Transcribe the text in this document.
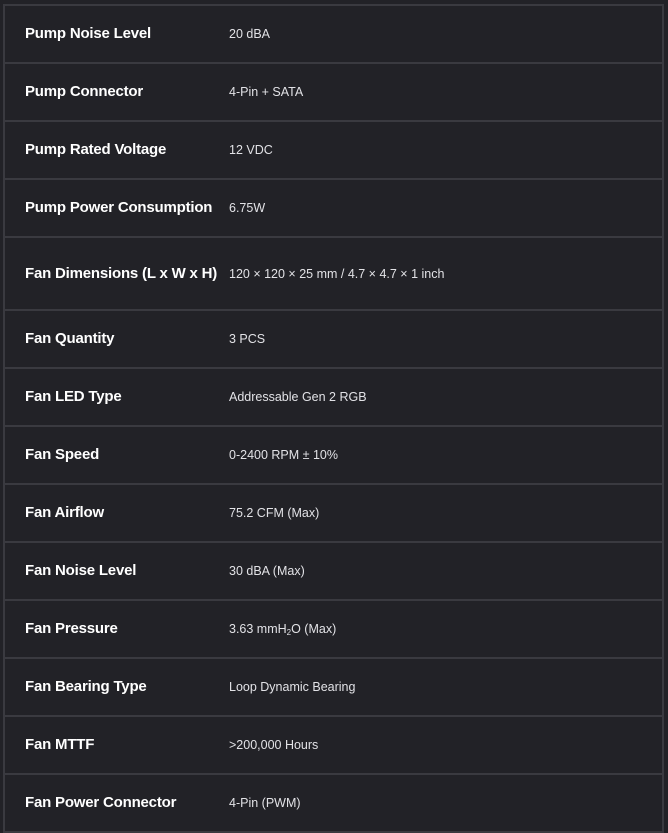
Pump Noise Level	20 dBA
Pump Connector	4-Pin + SATA
Pump Rated Voltage	12 VDC
Pump Power Consumption	6.75W
Fan Dimensions (L x W x H) 120 × 120 × 25 mm / 4.7 × 4.7 × 1 inch
Fan Quantity	3 PCS
Fan LED Type	Addressable Gen 2 RGB
Fan Speed	0-2400 RPM ± 10%
Fan Airflow	75.2 CFM (Max)
Fan Noise Level	30 dBA (Max)
Fan Pressure	3.63 mmH$_2$O (Max)
Fan Bearing Type	Loop Dynamic Bearing
Fan MTTF	>200,000 Hours
Fan Power Connector	4-Pin (PWM)
